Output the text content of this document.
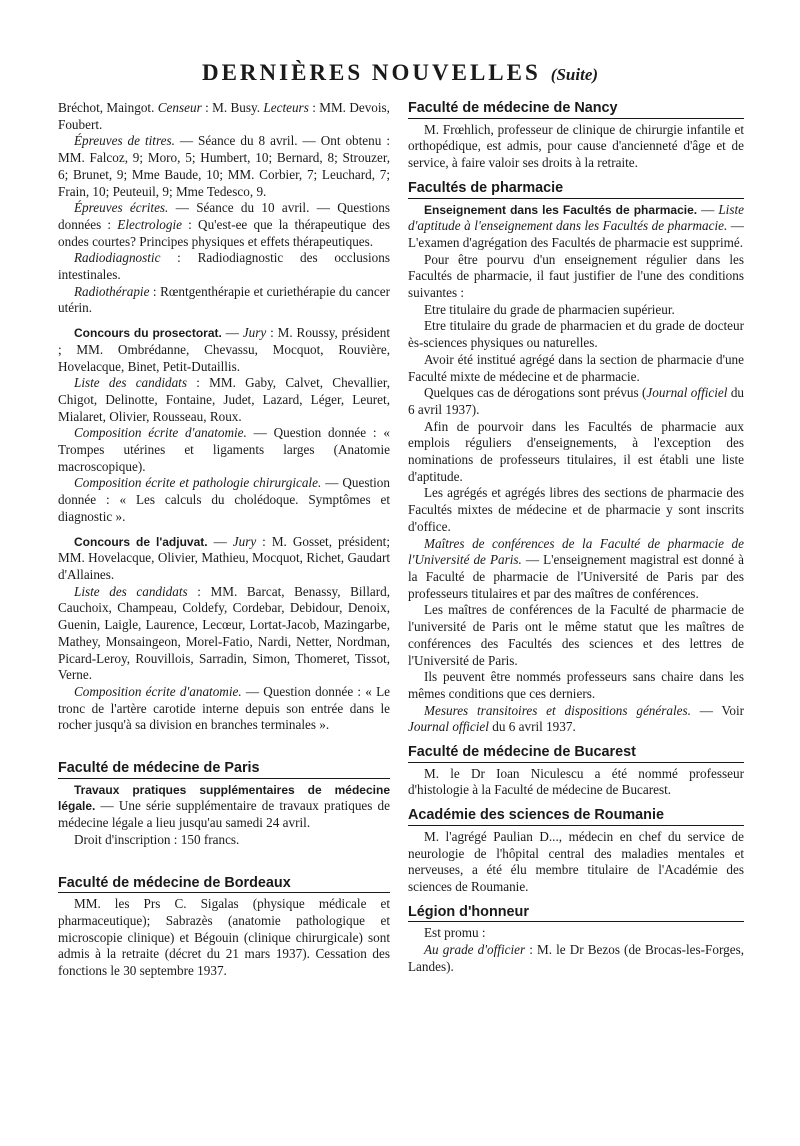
DERNIÈRES NOUVELLES (Suite)

Bréchot, Maingot. Censeur : M. Busy. Lecteurs : MM. Devois, Foubert.

Épreuves de titres. — Séance du 8 avril. — Ont obtenu : MM. Falcoz, 9; Moro, 5; Humbert, 10; Bernard, 8; Strouzer, 6; Brunet, 9; Mme Baude, 10; MM. Corbier, 7; Leuchard, 7; Frain, 10; Peuteuil, 9; Mme Tedesco, 9.

Épreuves écrites. — Séance du 10 avril. — Questions données : Electrologie : Qu'est-ee que la thérapeutique des ondes courtes? Principes physiques et effets thérapeutiques.

Radiodiagnostic : Radiodiagnostic des occlusions intestinales.

Radiothérapie : Rœntgenthérapie et curiethérapie du cancer utérin.

Concours du prosectorat. — Jury : M. Roussy, président ; MM. Ombrédanne, Chevassu, Mocquot, Rouvière, Hovelacque, Binet, Petit-Dutaillis.

Liste des candidats : MM. Gaby, Calvet, Chevallier, Chigot, Delinotte, Fontaine, Judet, Lazard, Léger, Leuret, Mialaret, Olivier, Rousseau, Roux.

Composition écrite d'anatomie. — Question donnée : « Trompes utérines et ligaments larges (Anatomie macroscopique).

Composition écrite et pathologie chirurgicale. — Question donnée : « Les calculs du cholédoque. Symptômes et diagnostic ».

Concours de l'adjuvat. — Jury : M. Gosset, président; MM. Hovelacque, Olivier, Mathieu, Mocquot, Richet, Gaudart d'Allaines.

Liste des candidats : MM. Barcat, Benassy, Billard, Cauchoix, Champeau, Coldefy, Cordebar, Debidour, Denoix, Guenin, Laigle, Laurence, Lecœur, Lortat-Jacob, Mazingarbe, Mathey, Monsaingeon, Morel-Fatio, Nardi, Netter, Nordman, Picard-Leroy, Rouvillois, Sarradin, Simon, Thomeret, Tissot, Verne.

Composition écrite d'anatomie. — Question donnée : « Le tronc de l'artère carotide interne depuis son entrée dans le rocher jusqu'à sa division en branches terminales ».

Faculté de médecine de Paris

Travaux pratiques supplémentaires de médecine légale. — Une série supplémentaire de travaux pratiques de médecine légale a lieu jusqu'au samedi 24 avril.

Droit d'inscription : 150 francs.

Faculté de médecine de Bordeaux

MM. les Prs C. Sigalas (physique médicale et pharmaceutique); Sabrazès (anatomie pathologique et microscopie clinique) et Bégouin (clinique chirurgicale) sont admis à la retraite (décret du 21 mars 1937). Cessation des fonctions le 30 septembre 1937.

Faculté de médecine de Nancy

M. Frœhlich, professeur de clinique de chirurgie infantile et orthopédique, est admis, pour cause d'ancienneté d'âge et de service, à faire valoir ses droits à la retraite.

Facultés de pharmacie

Enseignement dans les Facultés de pharmacie. — Liste d'aptitude à l'enseignement dans les Facultés de pharmacie. — L'examen d'agrégation des Facultés de pharmacie est supprimé.

Pour être pourvu d'un enseignement régulier dans les Facultés de pharmacie, il faut justifier de l'une des conditions suivantes :

Etre titulaire du grade de pharmacien supérieur.

Etre titulaire du grade de pharmacien et du grade de docteur ès-sciences physiques ou naturelles.

Avoir été institué agrégé dans la section de pharmacie d'une Faculté mixte de médecine et de pharmacie.

Quelques cas de dérogations sont prévus (Journal officiel du 6 avril 1937).

Afin de pourvoir dans les Facultés de pharmacie aux emplois réguliers d'enseignements, à l'exception des nominations de professeurs titulaires, il est établi une liste d'aptitude.

Les agrégés et agrégés libres des sections de pharmacie des Facultés mixtes de médecine et de pharmacie y sont inscrits d'office.

Maîtres de conférences de la Faculté de pharmacie de l'Université de Paris. — L'enseignement magistral est donné à la Faculté de pharmacie de l'Université de Paris par des professeurs titulaires et par des maîtres de conférences.

Les maîtres de conférences de la Faculté de pharmacie de l'université de Paris ont le même statut que les maîtres de conférences des Facultés des sciences et des lettres de l'Université de Paris.

Ils peuvent être nommés professeurs sans chaire dans les mêmes conditions que ces derniers.

Mesures transitoires et dispositions générales. — Voir Journal officiel du 6 avril 1937.

Faculté de médecine de Bucarest

M. le Dr Ioan Niculescu a été nommé professeur d'histologie à la Faculté de médecine de Bucarest.

Académie des sciences de Roumanie

M. l'agrégé Paulian D..., médecin en chef du service de neurologie de l'hôpital central des maladies mentales et nerveuses, a été élu membre titulaire de l'Académie des sciences de Roumanie.

Légion d'honneur

Est promu :

Au grade d'officier : M. le Dr Bezos (de Brocas-les-Forges, Landes).
